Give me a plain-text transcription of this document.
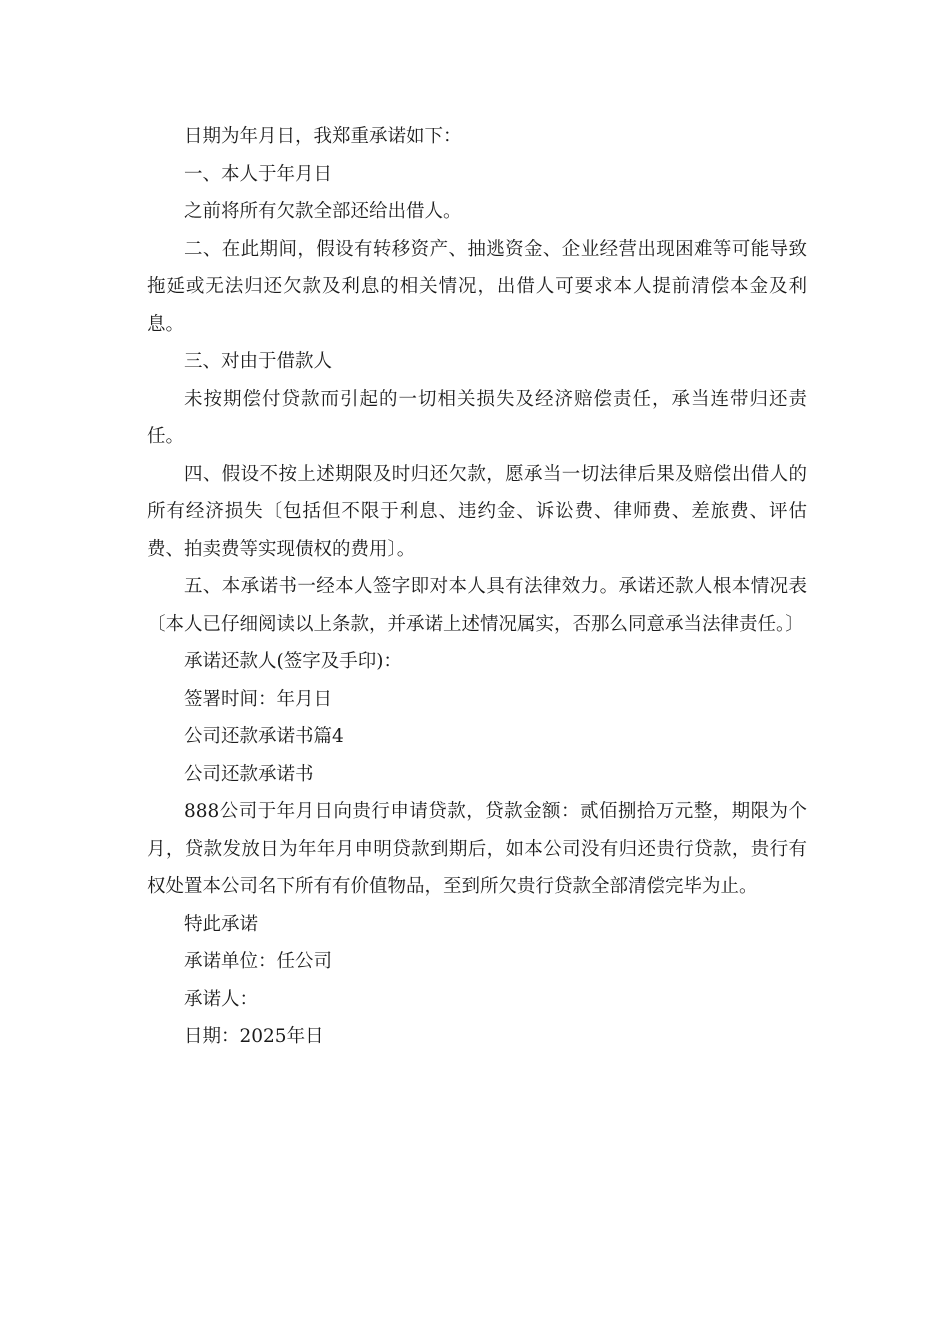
日期为年月日，我郑重承诺如下：

一、本人于年月日

之前将所有欠款全部还给出借人。

二、在此期间，假设有转移资产、抽逃资金、企业经营出现困难等可能导致拖延或无法归还欠款及利息的相关情况，出借人可要求本人提前清偿本金及利息。

三、对由于借款人

未按期偿付贷款而引起的一切相关损失及经济赔偿责任，承当连带归还责任。

四、假设不按上述期限及时归还欠款，愿承当一切法律后果及赔偿出借人的所有经济损失〔包括但不限于利息、违约金、诉讼费、律师费、差旅费、评估费、拍卖费等实现债权的费用〕。

五、本承诺书一经本人签字即对本人具有法律效力。承诺还款人根本情况表〔本人已仔细阅读以上条款，并承诺上述情况属实，否那么同意承当法律责任。〕

承诺还款人(签字及手印)：

签署时间：年月日

公司还款承诺书篇4

公司还款承诺书

888公司于年月日向贵行申请贷款，贷款金额：贰佰捌拾万元整，期限为个月，贷款发放日为年年月申明贷款到期后，如本公司没有归还贵行贷款，贵行有权处置本公司名下所有有价值物品，至到所欠贵行贷款全部清偿完毕为止。

特此承诺

承诺单位：任公司

承诺人：

日期：2025年日
